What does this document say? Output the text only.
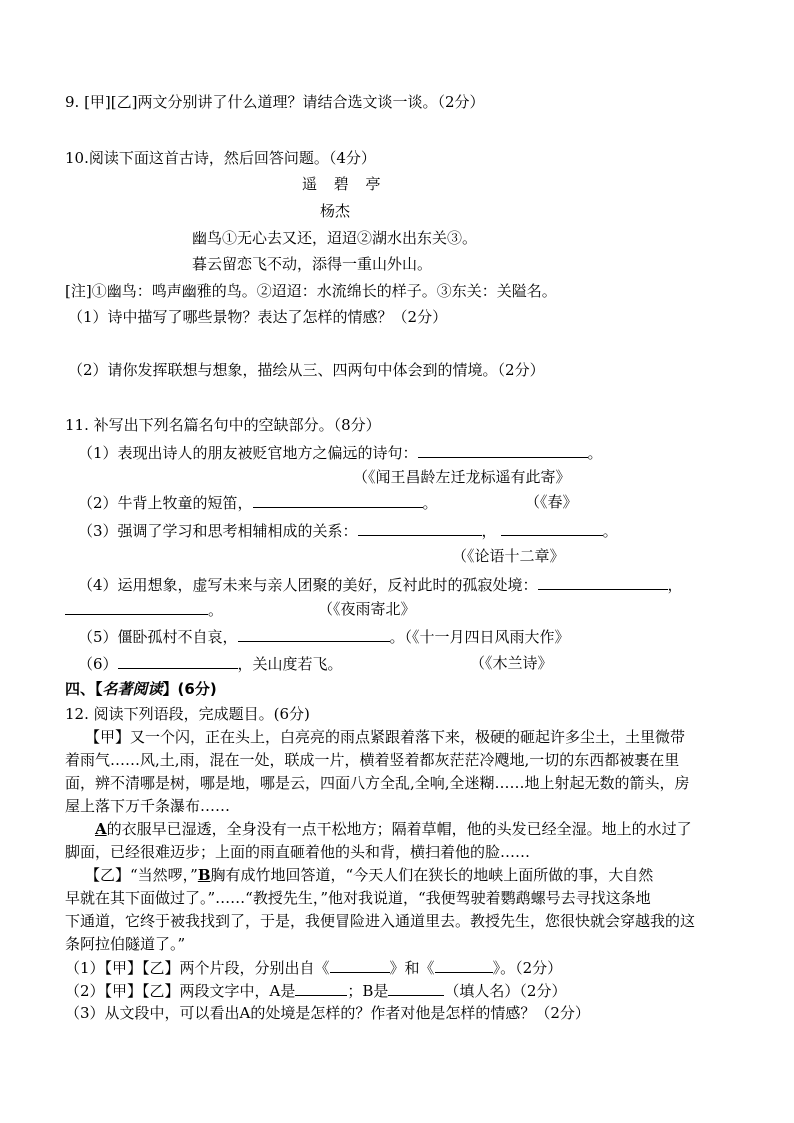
9. [甲][乙]两文分别讲了什么道理？请结合选文谈一谈。（2分）
10.阅读下面这首古诗，然后回答问题。（4分）
遥 碧 亭
杨杰
幽鸟①无心去又还，迢迢②湖水出东关③。
暮云留恋飞不动，添得一重山外山。
[注]①幽鸟：鸣声幽雅的鸟。②迢迢：水流绵长的样子。③东关：关隘名。
（1）诗中描写了哪些景物？表达了怎样的情感？（2分）
（2）请你发挥联想与想象，描绘从三、四两句中体会到的情境。（2分）
11. 补写出下列名篇名句中的空缺部分。（8分）
（1）表现出诗人的朋友被贬官地方之偏远的诗句：	。
（《闻王昌龄左迁龙标遥有此寄》
（2）牛背上牧童的短笛，	。	（《春》
（3）强调了学习和思考相辅相成的关系：	，	。
（《论语十二章》
（4）运用想象，虚写未来与亲人团聚的美好，反衬此时的孤寂处境：	，
。	（《夜雨寄北》
（5）僵卧孤村不自哀，	。（《十一月四日风雨大作》
（6）	，关山度若飞。	（《木兰诗》
四、【名著阅读】(6分)
12. 阅读下列语段，完成题目。(6分)
【甲】又一个闪，正在头上，白亮亮的雨点紧跟着落下来，极硬的砸起许多尘土，土里微带
着雨气……风,土,雨，混在一处，联成一片，横着竖着都灰茫茫冷飕地,一切的东西都被裹在里
面，辨不清哪是树，哪是地，哪是云，四面八方全乱,全响,全迷糊……地上射起无数的箭头，房
屋上落下万千条瀑布……
A的衣服早已湿透，全身没有一点干松地方；隔着草帽，他的头发已经全湿。地上的水过了
脚面，已经很难迈步；上面的雨直砸着他的头和背，横扫着他的脸……
【乙】“当然啰，”B胸有成竹地回答道，“今天人们在狭长的地峡上面所做的事，大自然
早就在其下面做过了。”……“教授先生，”他对我说道，“我便驾驶着鹦鹉螺号去寻找这条地
下通道，它终于被我找到了，于是，我便冒险进入通道里去。教授先生，您很快就会穿越我的这
条阿拉伯隧道了。”
（1）【甲】【乙】两个片段，分别出自《	》和《	》。（2分）
（2）【甲】【乙】两段文字中，A是	；B是	（填人名）（2分）
（3）从文段中，可以看出A的处境是怎样的？作者对他是怎样的情感？（2分）
